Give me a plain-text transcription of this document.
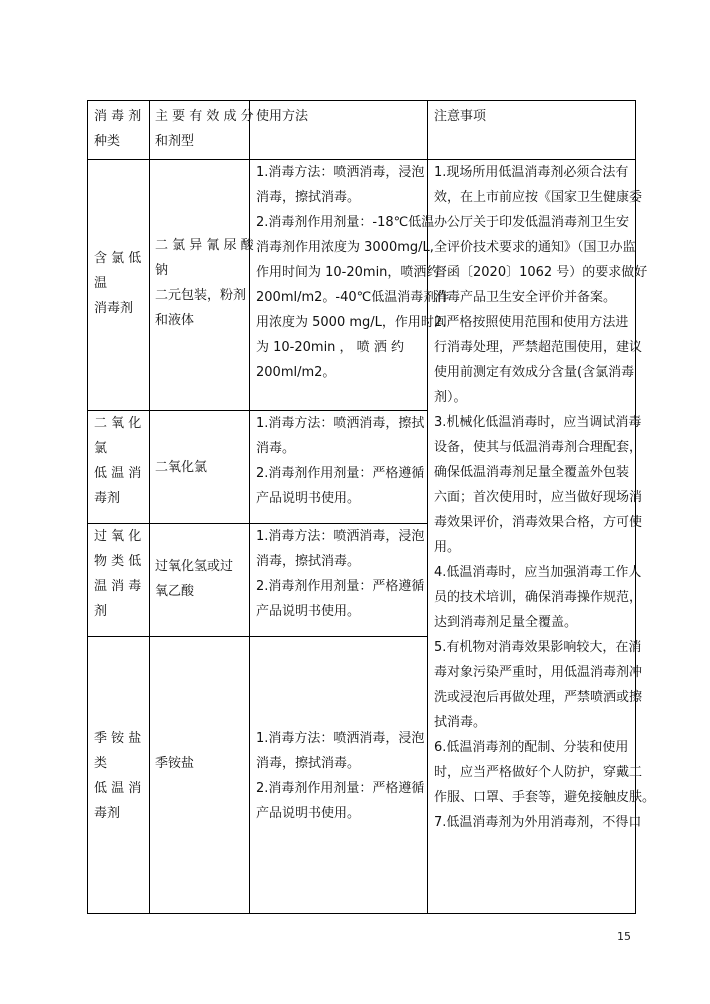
消 毒 剂
种类
主 要 有 效 成 分
和剂型
使用方法	注意事项
含 氯 低
温
消毒剂
二 氯 异 氰 尿 酸
钠
二元包装，粉剂
和液体
1.消毒方法：喷洒消毒，浸泡
消毒，擦拭消毒。
2.消毒剂作用剂量：-18℃低温
消毒剂作用浓度为 3000mg/L,
作用时间为 10-20min，喷洒约
200ml/m2。-40℃低温消毒剂作
用浓度为 5000 mg/L，作用时间
为 10-20min ， 喷 洒 约
200ml/m2。
二 氧 化
氯
低 温 消
毒剂
二氧化氯
1.消毒方法：喷洒消毒，擦拭
消毒。
2.消毒剂作用剂量：严格遵循
产品说明书使用。
过 氧 化
物 类 低
温 消 毒
剂
过氧化氢或过
氧乙酸
1.消毒方法：喷洒消毒，浸泡
消毒，擦拭消毒。
2.消毒剂作用剂量：严格遵循
产品说明书使用。
季 铵 盐
类
低 温 消
毒剂
季铵盐
1.消毒方法：喷洒消毒，浸泡
消毒，擦拭消毒。
2.消毒剂作用剂量：严格遵循
产品说明书使用。
1.现场所用低温消毒剂必须合法有
效，在上市前应按《国家卫生健康委
办公厅关于印发低温消毒剂卫生安
全评价技术要求的通知》（国卫办监
督函〔2020〕1062 号）的要求做好
消毒产品卫生安全评价并备案。
2.严格按照使用范围和使用方法进
行消毒处理，严禁超范围使用，建议
使用前测定有效成分含量(含氯消毒
剂）。
3.机械化低温消毒时，应当调试消毒
设备，使其与低温消毒剂合理配套，
确保低温消毒剂足量全覆盖外包装
六面；首次使用时，应当做好现场消
毒效果评价，消毒效果合格，方可使
用。
4.低温消毒时，应当加强消毒工作人
员的技术培训，确保消毒操作规范，
达到消毒剂足量全覆盖。
5.有机物对消毒效果影响较大，在消
毒对象污染严重时，用低温消毒剂冲
洗或浸泡后再做处理，严禁喷洒或擦
拭消毒。
6.低温消毒剂的配制、分装和使用
时，应当严格做好个人防护，穿戴工
作服、口罩、手套等，避免接触皮肤。
7.低温消毒剂为外用消毒剂，不得口
15
